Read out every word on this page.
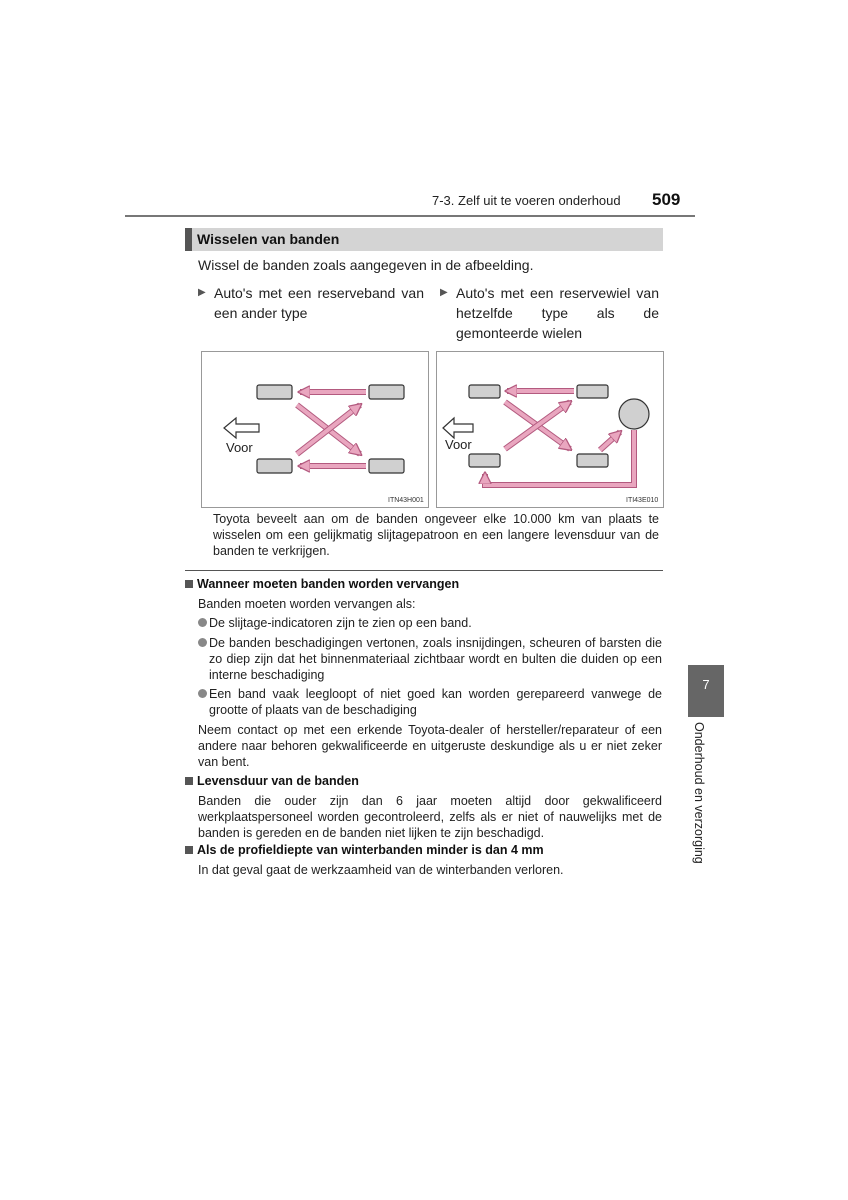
7-3. Zelf uit te voeren onderhoud 509
Wisselen van banden
Wissel de banden zoals aangegeven in de afbeelding.
▶ Auto's met een reserveband van een ander type
▶ Auto's met een reservewiel van hetzelfde type als de gemonteerde wielen
Voor
ITN43H001
Voor
ITI43E010
Toyota beveelt aan om de banden ongeveer elke 10.000 km van plaats te wisselen om een gelijkmatig slijtagepatroon en een langere levensduur van de banden te verkrijgen.
Wanneer moeten banden worden vervangen
Banden moeten worden vervangen als:
De slijtage-indicatoren zijn te zien op een band.
De banden beschadigingen vertonen, zoals insnijdingen, scheuren of barsten die zo diep zijn dat het binnenmateriaal zichtbaar wordt en bulten die duiden op een interne beschadiging
Een band vaak leegloopt of niet goed kan worden gerepareerd vanwege de grootte of plaats van de beschadiging
Neem contact op met een erkende Toyota-dealer of hersteller/reparateur of een andere naar behoren gekwalificeerde en uitgeruste deskundige als u er niet zeker van bent.
Levensduur van de banden
Banden die ouder zijn dan 6 jaar moeten altijd door gekwalificeerd werkplaatspersoneel worden gecontroleerd, zelfs als er niet of nauwelijks met de banden is gereden en de banden niet lijken te zijn beschadigd.
Als de profieldiepte van winterbanden minder is dan 4 mm
In dat geval gaat de werkzaamheid van de winterbanden verloren.
7
Onderhoud en verzorging
